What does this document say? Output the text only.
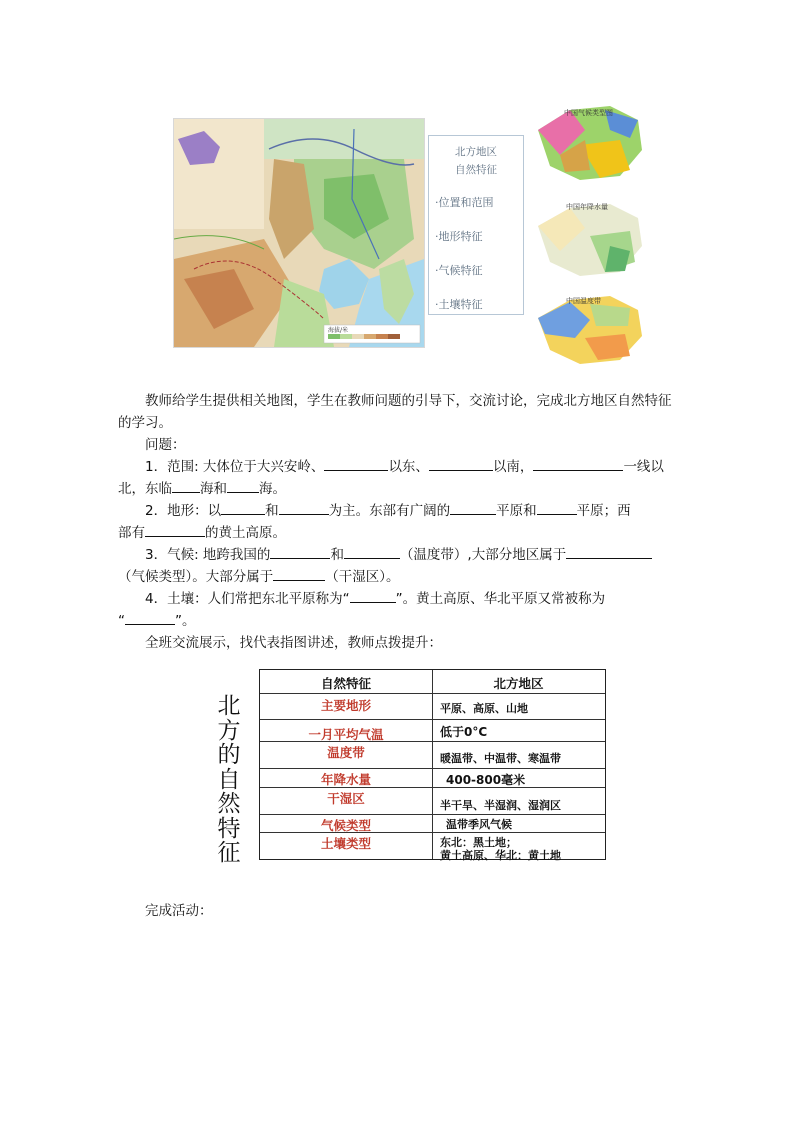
海拔/米
北方地区
自然特征
·位置和范围
·地形特征
·气候特征
·土壤特征
中国气候类型图
中国年降水量
中国温度带
教师给学生提供相关地图，学生在教师问题的引导下，交流讨论，完成北方地区自然特征的学习。
问题：
1．范围: 大体位于大兴安岭、	以东、	以南，	一线以
北，东临 海和 海。
2．地形：以	和	为主。东部有广阔的	平原和	平原；西
部有	的黄土高原。
3．气候: 地跨我国的	和	（温度带）,大部分地区属于
（气候类型）。大部分属于	（干湿区）。
4．土壤：人们常把东北平原称为“	”。黄土高原、华北平原又常被称为
“	”。
全班交流展示，找代表指图讲述，教师点拨提升：
北
方
的
自
然
特
征
自然特征	北方地区
主要地形	平原、高原、山地
一月平均气温	低于0°C
温度带	暖温带、中温带、寒温带
年降水量	400-800毫米
干湿区	半干旱、半湿润、湿润区
气候类型	温带季风气候
土壤类型	东北：黑土地；
黄土高原、华北：黄土地
完成活动：
